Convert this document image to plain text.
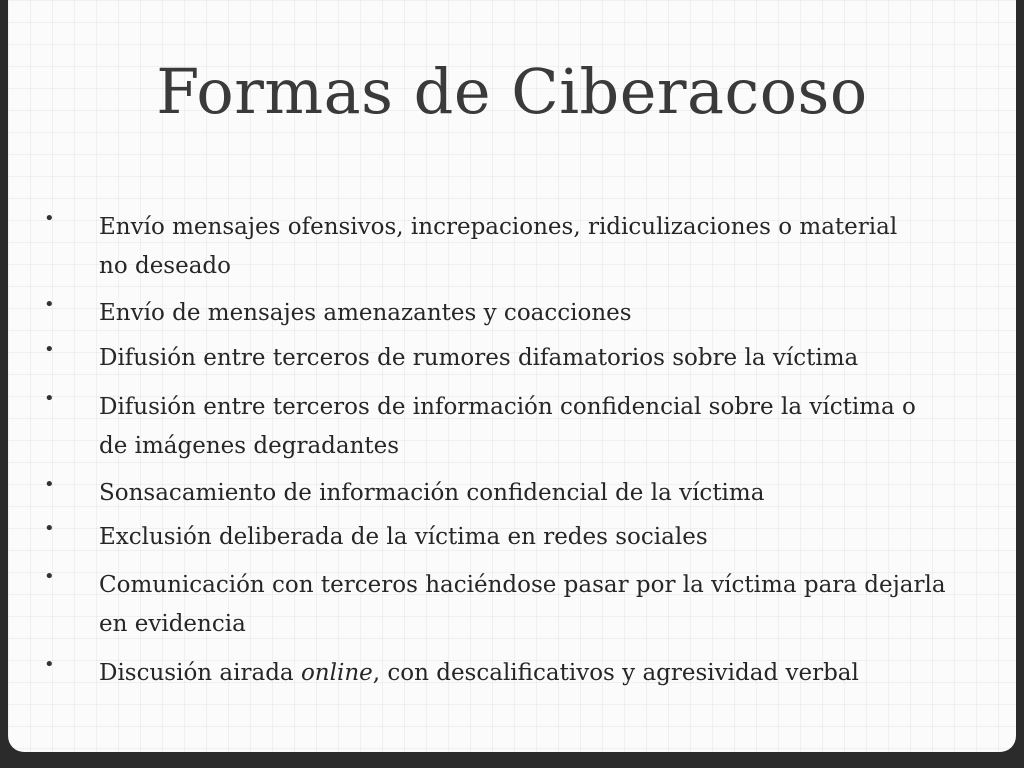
Formas de Ciberacoso
• Envío mensajes ofensivos, increpaciones, ridiculizaciones o material no deseado
• Envío de mensajes amenazantes y coacciones
• Difusión entre terceros de rumores difamatorios sobre la víctima
• Difusión entre terceros de información confidencial sobre la víctima o de imágenes degradantes
• Sonsacamiento de información confidencial de la víctima
• Exclusión deliberada de la víctima en redes sociales
• Comunicación con terceros haciéndose pasar por la víctima para dejarla en evidencia
• Discusión airada online, con descalificativos y agresividad verbal
